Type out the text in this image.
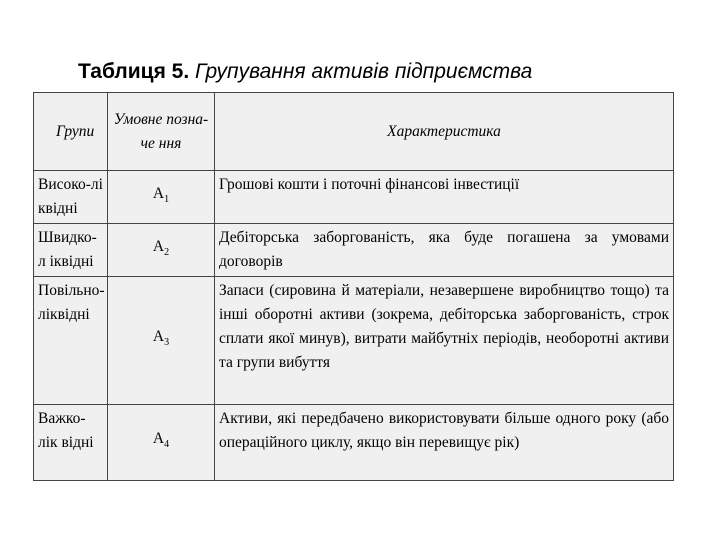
Таблиця 5. Групування активів підприємства
Групи	Умовне позна-че ння	Характеристика
Високо-лі квідні	$А_1$	Грошові кошти і поточні фінансові інвестиції
Швидко-л іквідні	$А_2$	Дебіторська заборгованість, яка буде погашена за умовами договорів
Повільно- ліквідні	$А_3$	Запаси (сировина й матеріали, незавершене виробництво тощо) та інші оборотні активи (зокрема, дебіторська заборгованість, строк сплати якої минув), витрати майбутніх періодів, необоротні активи та групи вибуття
Важко-лік відні	$А_4$	Активи, які передбачено використовувати більше одного року (або операційного циклу, якщо він перевищує рік)
